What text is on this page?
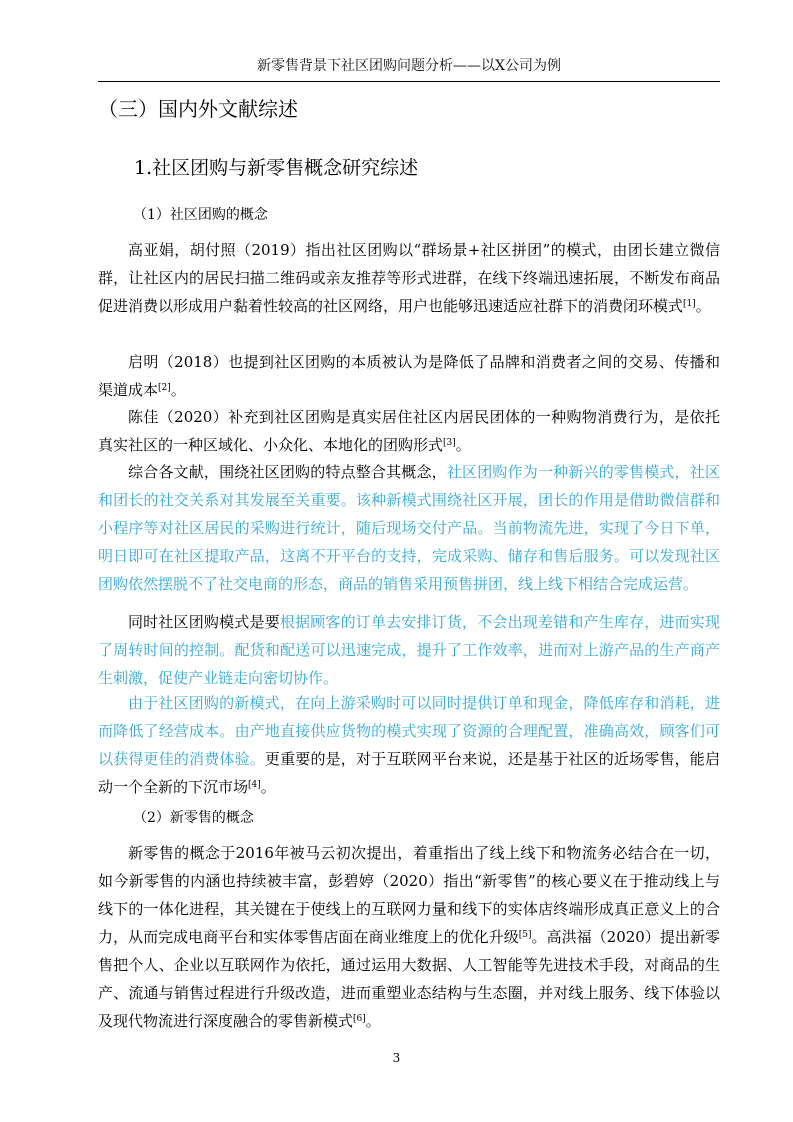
新零售背景下社区团购问题分析——以X公司为例
（三）国内外文献综述
1.社区团购与新零售概念研究综述
（1）社区团购的概念

高亚娟，胡付照（2019）指出社区团购以“群场景+社区拼团”的模式，由团长建立微信群，让社区内的居民扫描二维码或亲友推荐等形式进群，在线下终端迅速拓展，不断发布商品促进消费以形成用户黏着性较高的社区网络，用户也能够迅速适应社群下的消费闭环模式[1]。

启明（2018）也提到社区团购的本质被认为是降低了品牌和消费者之间的交易、传播和渠道成本[2]。

陈佳（2020）补充到社区团购是真实居住社区内居民团体的一种购物消费行为，是依托真实社区的一种区域化、小众化、本地化的团购形式[3]。

综合各文献，围绕社区团购的特点整合其概念，社区团购作为一种新兴的零售模式，社区和团长的社交关系对其发展至关重要。该种新模式围绕社区开展，团长的作用是借助微信群和小程序等对社区居民的采购进行统计，随后现场交付产品。当前物流先进，实现了今日下单，明日即可在社区提取产品，这离不开平台的支持，完成采购、储存和售后服务。可以发现社区团购依然摆脱不了社交电商的形态，商品的销售采用预售拼团，线上线下相结合完成运营。

同时社区团购模式是要根据顾客的订单去安排订货，不会出现差错和产生库存，进而实现了周转时间的控制。配货和配送可以迅速完成，提升了工作效率，进而对上游产品的生产商产生刺激，促使产业链走向密切协作。

由于社区团购的新模式，在向上游采购时可以同时提供订单和现金，降低库存和消耗，进而降低了经营成本。由产地直接供应货物的模式实现了资源的合理配置，准确高效，顾客们可以获得更佳的消费体验。更重要的是，对于互联网平台来说，还是基于社区的近场零售，能启动一个全新的下沉市场[4]。

（2）新零售的概念

新零售的概念于2016年被马云初次提出，着重指出了线上线下和物流务必结合在一切，如今新零售的内涵也持续被丰富，彭碧婷（2020）指出“新零售”的核心要义在于推动线上与线下的一体化进程，其关键在于使线上的互联网力量和线下的实体店终端形成真正意义上的合力，从而完成电商平台和实体零售店面在商业维度上的优化升级[5]。高洪福（2020）提出新零售把个人、企业以互联网作为依托，通过运用大数据、人工智能等先进技术手段，对商品的生产、流通与销售过程进行升级改造，进而重塑业态结构与生态圈，并对线上服务、线下体验以及现代物流进行深度融合的零售新模式[6]。

3
